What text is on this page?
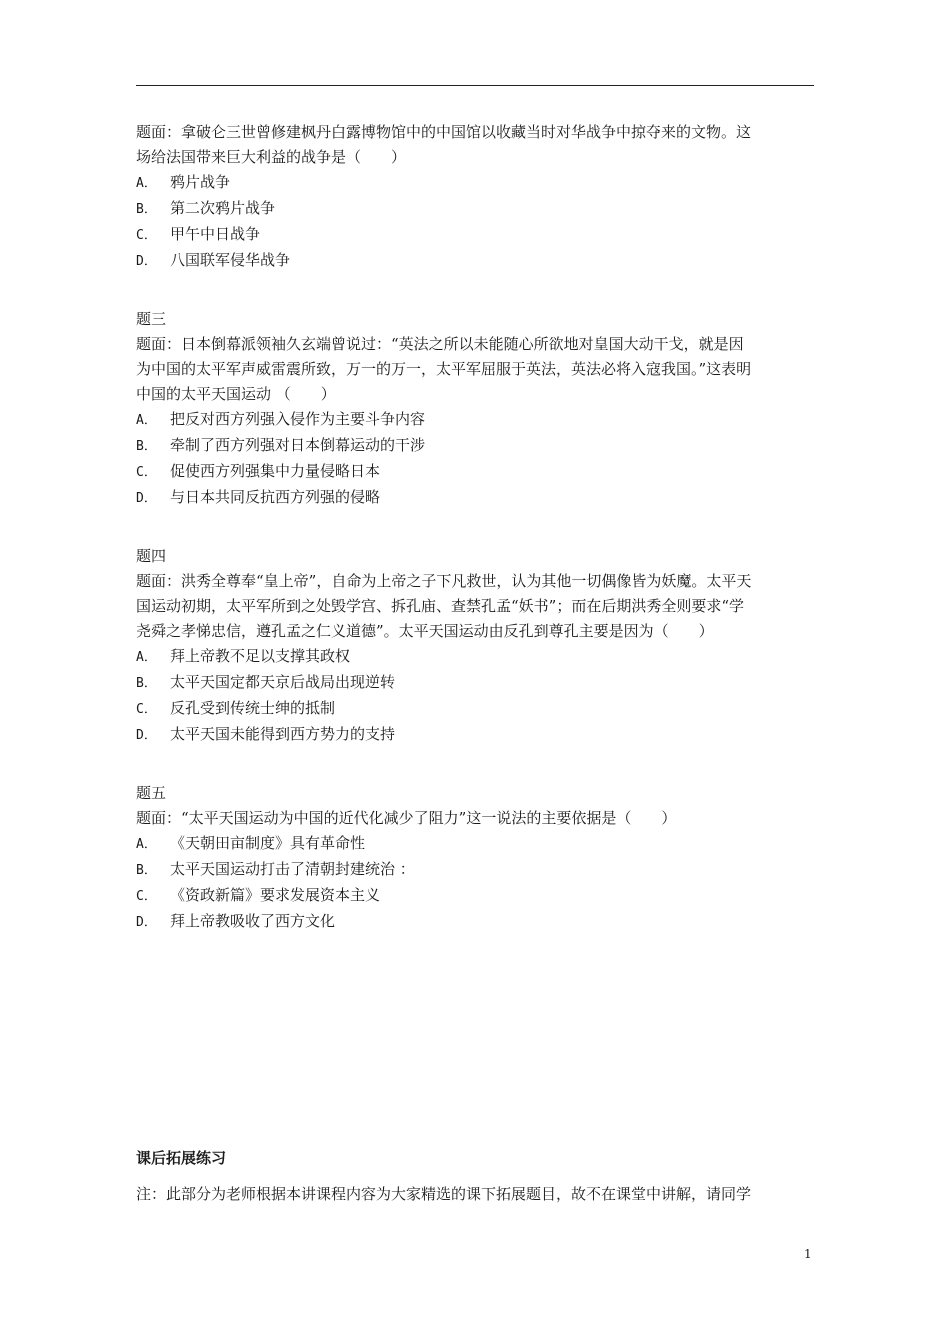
题面：拿破仑三世曾修建枫丹白露博物馆中的中国馆以收藏当时对华战争中掠夺来的文物。这
场给法国带来巨大利益的战争是（　　）
A． 鸦片战争
B． 第二次鸦片战争
C． 甲午中日战争
D． 八国联军侵华战争
题三
题面：日本倒幕派领袖久玄端曾说过：“英法之所以未能随心所欲地对皇国大动干戈，就是因
为中国的太平军声威雷震所致，万一的万一，太平军屈服于英法，英法必将入寇我国。”这表明
中国的太平天国运动 （　　）
A． 把反对西方列强入侵作为主要斗争内容
B． 牵制了西方列强对日本倒幕运动的干涉
C． 促使西方列强集中力量侵略日本
D． 与日本共同反抗西方列强的侵略
题四
题面：洪秀全尊奉“皇上帝”，自命为上帝之子下凡救世，认为其他一切偶像皆为妖魔。太平天
国运动初期，太平军所到之处毁学宫、拆孔庙、查禁孔孟“妖书”；而在后期洪秀全则要求“学
尧舜之孝悌忠信，遵孔孟之仁义道德”。太平天国运动由反孔到尊孔主要是因为（　　）
A． 拜上帝教不足以支撑其政权
B． 太平天国定都天京后战局出现逆转
C． 反孔受到传统士绅的抵制
D． 太平天国未能得到西方势力的支持
题五
题面：“太平天国运动为中国的近代化减少了阻力”这一说法的主要依据是（　　）
A． 《天朝田亩制度》具有革命性
B． 太平天国运动打击了清朝封建统治 ：
C． 《资政新篇》要求发展资本主义
D． 拜上帝教吸收了西方文化
课后拓展练习
注：此部分为老师根据本讲课程内容为大家精选的课下拓展题目，故不在课堂中讲解，请同学
1
